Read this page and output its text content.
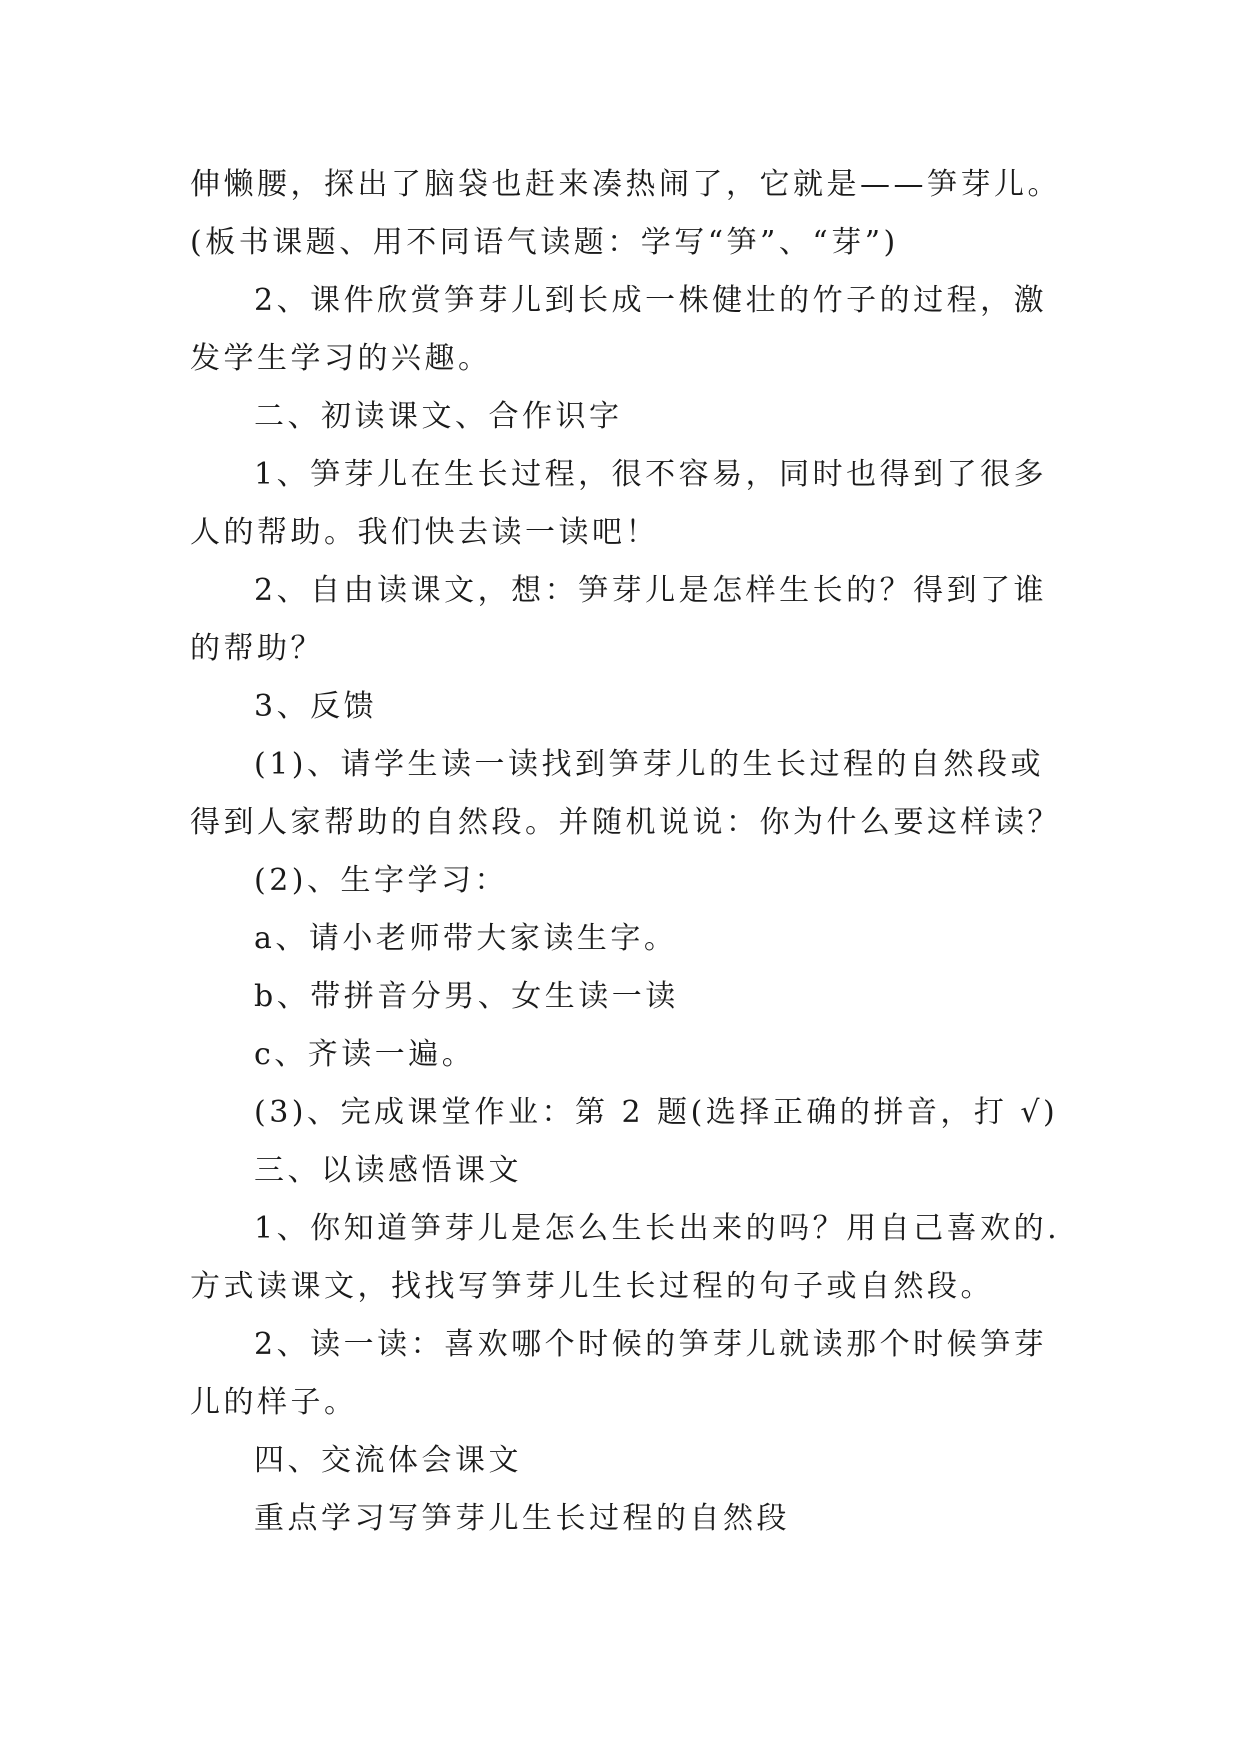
伸懒腰，探出了脑袋也赶来凑热闹了，它就是——笋芽儿。
(板书课题、用不同语气读题：学写“笋”、“芽”)
2、课件欣赏笋芽儿到长成一株健壮的竹子的过程，激
发学生学习的兴趣。
二、初读课文、合作识字
1、笋芽儿在生长过程，很不容易，同时也得到了很多
人的帮助。我们快去读一读吧！
2、自由读课文，想：笋芽儿是怎样生长的？得到了谁
的帮助？
3、反馈
(1)、请学生读一读找到笋芽儿的生长过程的自然段或
得到人家帮助的自然段。并随机说说：你为什么要这样读？
(2)、生字学习：
a、请小老师带大家读生字。
b、带拼音分男、女生读一读
c、齐读一遍。
(3)、完成课堂作业：第 2 题(选择正确的拼音，打 √)
三、以读感悟课文
1、你知道笋芽儿是怎么生长出来的吗？用自己喜欢的.
方式读课文，找找写笋芽儿生长过程的句子或自然段。
2、读一读：喜欢哪个时候的笋芽儿就读那个时候笋芽
儿的样子。
四、交流体会课文
重点学习写笋芽儿生长过程的自然段
